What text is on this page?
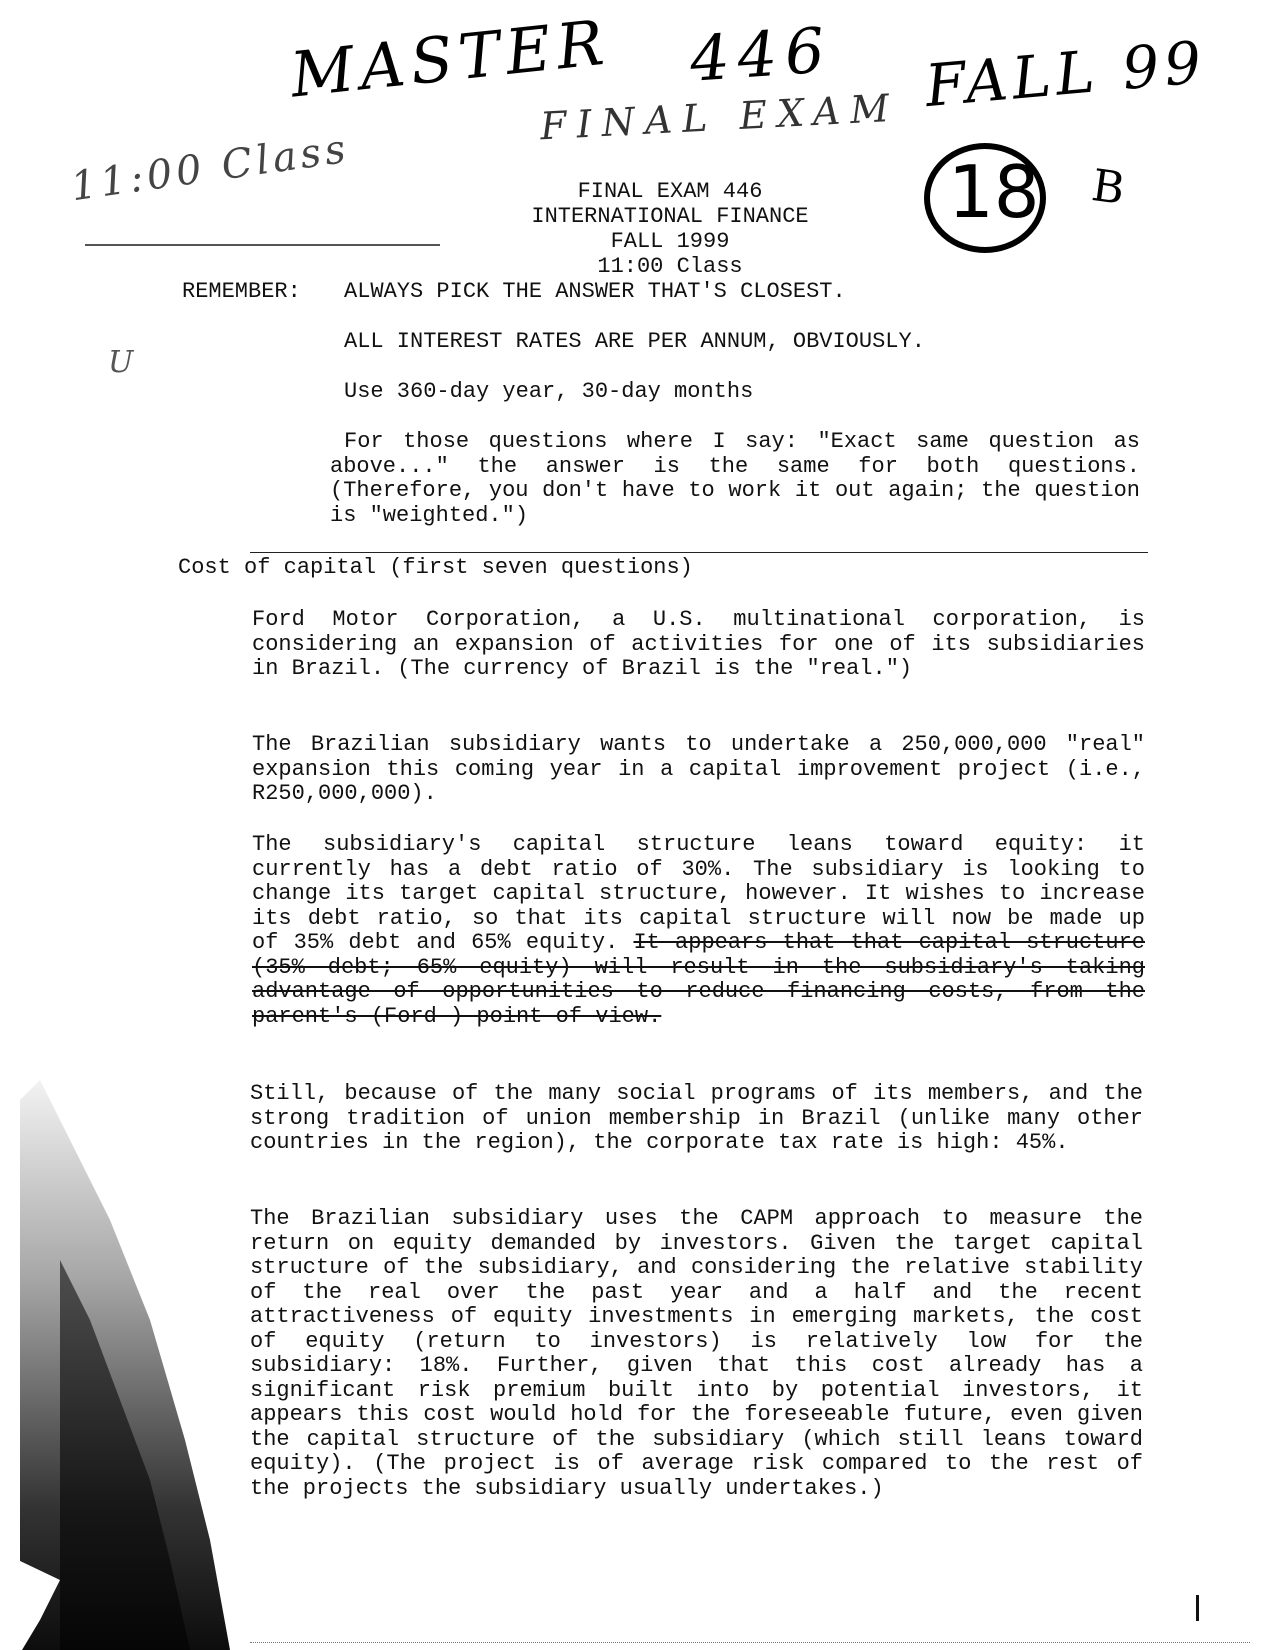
MASTER 446 FALL 99
FINAL EXAM
11:00 Class	B
U
18
FINAL EXAM 446
INTERNATIONAL FINANCE
FALL 1999
11:00 Class
REMEMBER: ALWAYS PICK THE ANSWER THAT'S CLOSEST.
ALL INTEREST RATES ARE PER ANNUM, OBVIOUSLY.
Use 360-day year, 30-day months
For those questions where I say: "Exact same question as above..." the answer is the same for both questions. (Therefore, you don't have to work it out again; the question is "weighted.")
Cost of capital (first seven questions)
Ford Motor Corporation, a U.S. multinational corporation, is considering an expansion of activities for one of its subsidiaries in Brazil. (The currency of Brazil is the "real.")
The Brazilian subsidiary wants to undertake a 250,000,000 "real" expansion this coming year in a capital improvement project (i.e., R250,000,000).
The subsidiary's capital structure leans toward equity: it currently has a debt ratio of 30%. The subsidiary is looking to change its target capital structure, however. It wishes to increase its debt ratio, so that its capital structure will now be made up of 35% debt and 65% equity. It appears that that capital structure (35% debt; 65% equity) will result in the subsidiary's taking advantage of opportunities to reduce financing costs, from the parent's (Ford ) point of view.
Still, because of the many social programs of its members, and the strong tradition of union membership in Brazil (unlike many other countries in the region), the corporate tax rate is high: 45%.
The Brazilian subsidiary uses the CAPM approach to measure the return on equity demanded by investors. Given the target capital structure of the subsidiary, and considering the relative stability of the real over the past year and a half and the recent attractiveness of equity investments in emerging markets, the cost of equity (return to investors) is relatively low for the subsidiary: 18%. Further, given that this cost already has a significant risk premium built into by potential investors, it appears this cost would hold for the foreseeable future, even given the capital structure of the subsidiary (which still leans toward equity). (The project is of average risk compared to the rest of the projects the subsidiary usually undertakes.)
